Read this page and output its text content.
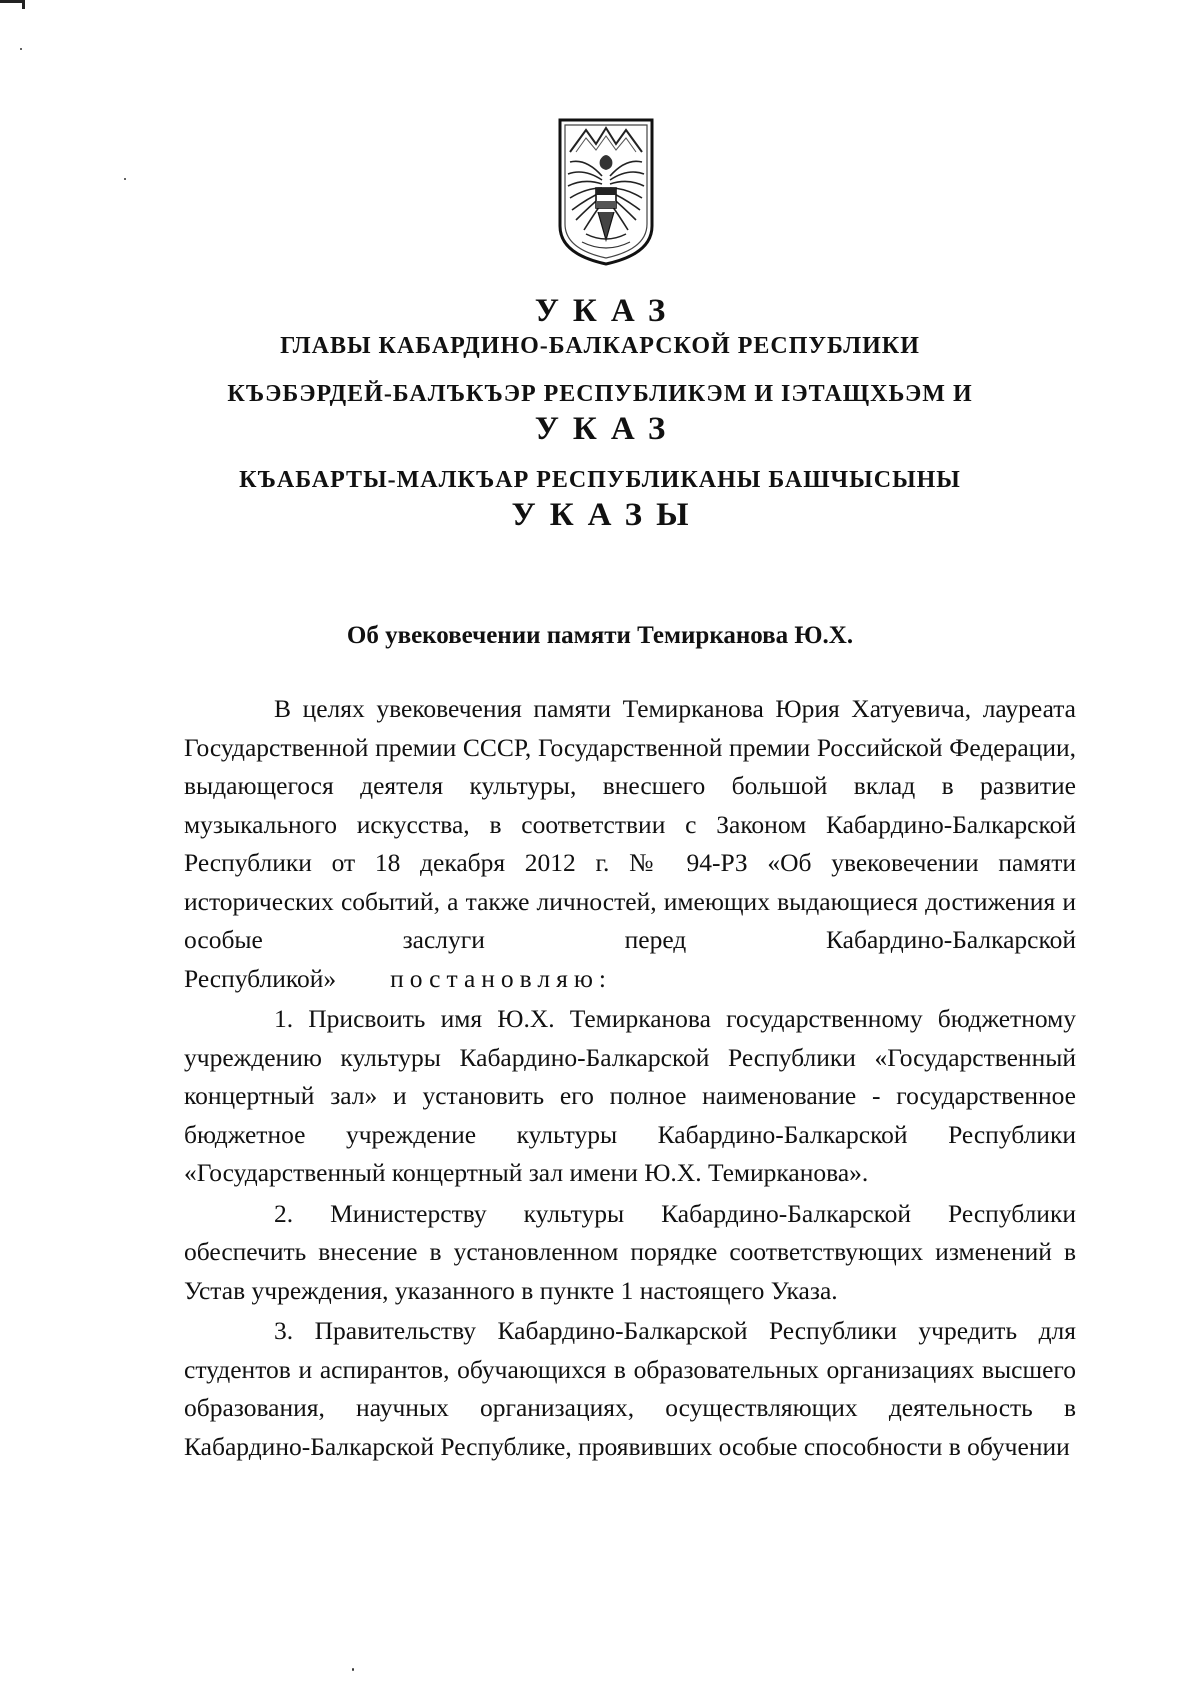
УКАЗ
ГЛАВЫ КАБАРДИНО-БАЛКАРСКОЙ РЕСПУБЛИКИ
КЪЭБЭРДЕЙ-БАЛЪКЪЭР РЕСПУБЛИКЭМ И ІЭТАЩХЬЭМ И
УКАЗ
КЪАБАРТЫ-МАЛКЪАР РЕСПУБЛИКАНЫ БАШЧЫСЫНЫ
УКАЗЫ
Об увековечении памяти Темирканова Ю.Х.

В целях увековечения памяти Темирканова Юрия Хатуевича, лауреата Государственной премии СССР, Государственной премии Российской Федерации, выдающегося деятеля культуры, внесшего большой вклад в развитие музыкального искусства, в соответствии с Законом Кабардино-Балкарской Республики от 18 декабря 2012 г. № 94-РЗ «Об увековечении памяти исторических событий, а также личностей, имеющих выдающиеся достижения и особые заслуги перед Кабардино-Балкарской Республикой» постановляю:

1. Присвоить имя Ю.Х. Темирканова государственному бюджетному учреждению культуры Кабардино-Балкарской Республики «Государственный концертный зал» и установить его полное наименование - государственное бюджетное учреждение культуры Кабардино-Балкарской Республики «Государственный концертный зал имени Ю.Х. Темирканова».

2. Министерству культуры Кабардино-Балкарской Республики обеспечить внесение в установленном порядке соответствующих изменений в Устав учреждения, указанного в пункте 1 настоящего Указа.

3. Правительству Кабардино-Балкарской Республики учредить для студентов и аспирантов, обучающихся в образовательных организациях высшего образования, научных организациях, осуществляющих деятельность в Кабардино-Балкарской Республике, проявивших особые способности в обучении
